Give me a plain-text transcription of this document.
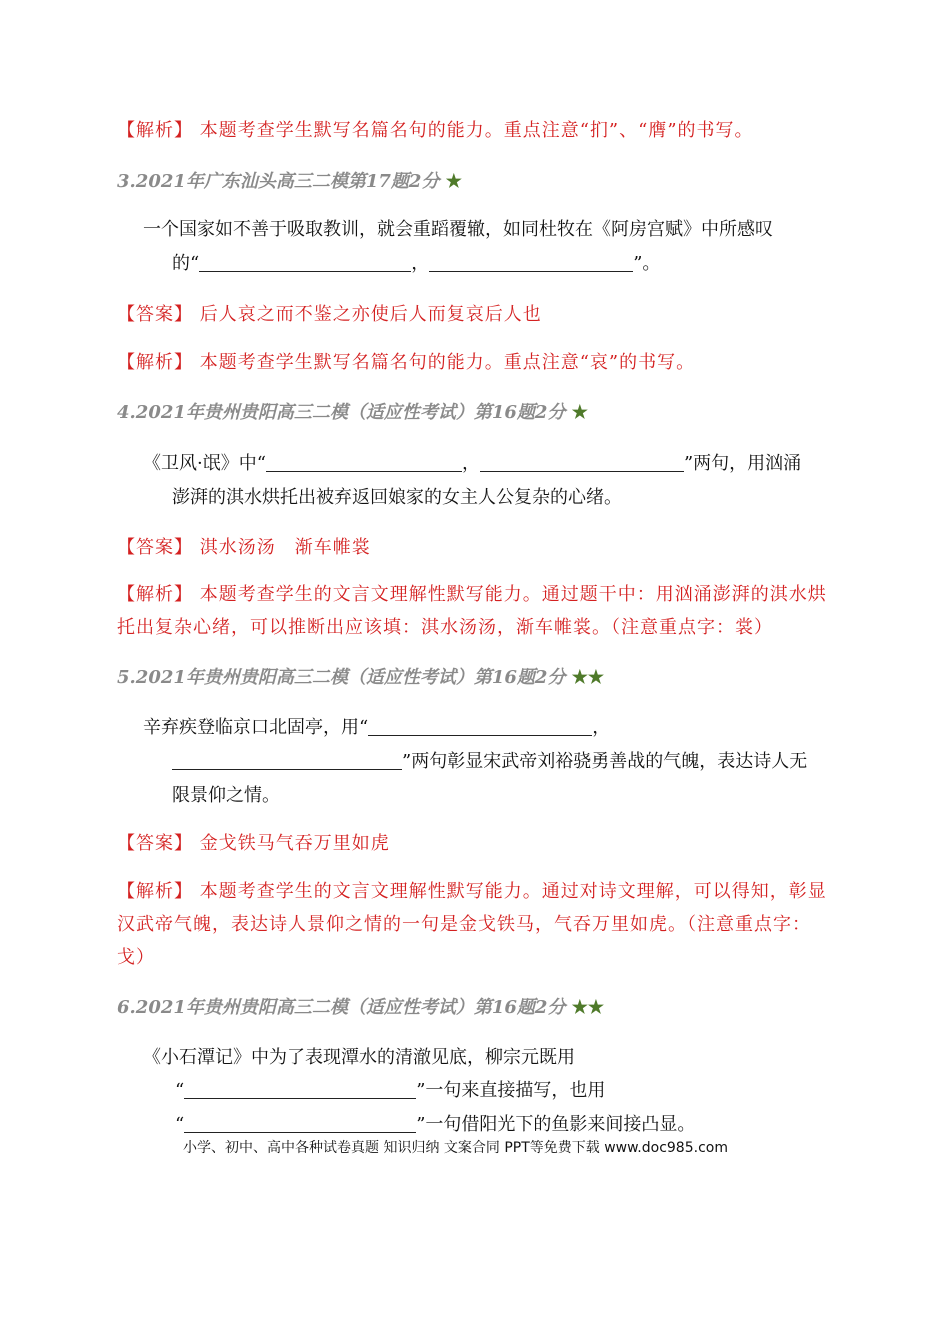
【解析】 本题考查学生默写名篇名句的能力。重点注意“扪”、“膺”的书写。
3.2021年广东汕头高三二模第17题2分 ★
一个国家如不善于吸取教训，就会重蹈覆辙，如同杜牧在《阿房宫赋》中所感叹
的“	，	”。
【答案】 后人哀之而不鉴之亦使后人而复哀后人也
【解析】 本题考查学生默写名篇名句的能力。重点注意“哀”的书写。
4.2021年贵州贵阳高三二模（适应性考试）第16题2分 ★
《卫风·氓》中“	，	”两句，用汹涌
澎湃的淇水烘托出被弃返回娘家的女主人公复杂的心绪。
【答案】 淇水汤汤　渐车帷裳
【解析】 本题考查学生的文言文理解性默写能力。通过题干中：用汹涌澎湃的淇水烘
托出复杂心绪，可以推断出应该填：淇水汤汤，渐车帷裳。（注意重点字：裳）
5.2021年贵州贵阳高三二模（适应性考试）第16题2分 ★★
辛弃疾登临京口北固亭，用“	，
”两句彰显宋武帝刘裕骁勇善战的气魄，表达诗人无
限景仰之情。
【答案】 金戈铁马气吞万里如虎
【解析】 本题考查学生的文言文理解性默写能力。通过对诗文理解，可以得知，彰显
汉武帝气魄，表达诗人景仰之情的一句是金戈铁马，气吞万里如虎。（注意重点字：
戈）
6.2021年贵州贵阳高三二模（适应性考试）第16题2分 ★★
《小石潭记》中为了表现潭水的清澈见底，柳宗元既用
“	”一句来直接描写，也用
“	”一句借阳光下的鱼影来间接凸显。
小学、初中、高中各种试卷真题 知识归纳 文案合同 PPT等免费下载 www.doc985.com
